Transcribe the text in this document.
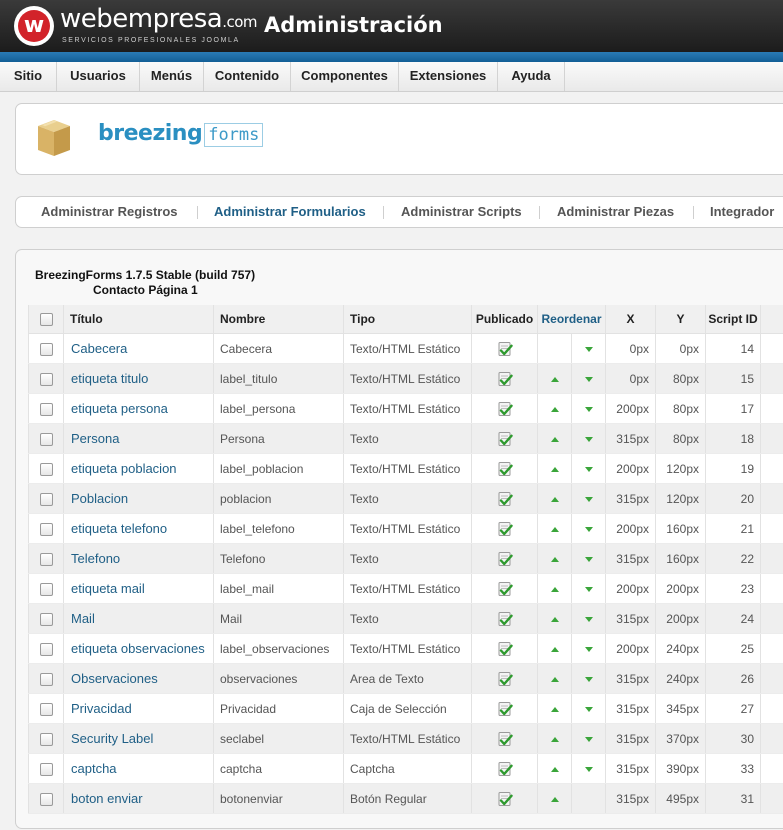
w webempresa.com
SERVICIOS PROFESIONALES JOOMLA
Administración
Sitio	Usuarios	Menús	Contenido	Componentes	Extensiones	Ayuda
breezing forms
Administrar Registros	Administrar Formularios	Administrar Scripts	Administrar Piezas	Integrador
BreezingForms 1.7.5 Stable (build 757)
Contacto Página 1
	Título	Nombre	Tipo	Publicado	Reordenar		X	Y	Script ID	
	Cabecera	Cabecera	Texto/HTML Estático				0px	0px	14	
	etiqueta titulo	label_titulo	Texto/HTML Estático				0px	80px	15	
	etiqueta persona	label_persona	Texto/HTML Estático				200px	80px	17	
	Persona	Persona	Texto				315px	80px	18	
	etiqueta poblacion	label_poblacion	Texto/HTML Estático				200px	120px	19	
	Poblacion	poblacion	Texto				315px	120px	20	
	etiqueta telefono	label_telefono	Texto/HTML Estático				200px	160px	21	
	Telefono	Telefono	Texto				315px	160px	22	
	etiqueta mail	label_mail	Texto/HTML Estático				200px	200px	23	
	Mail	Mail	Texto				315px	200px	24	
	etiqueta observaciones	label_observaciones	Texto/HTML Estático				200px	240px	25	
	Observaciones	observaciones	Area de Texto				315px	240px	26	
	Privacidad	Privacidad	Caja de Selección				315px	345px	27	
	Security Label	seclabel	Texto/HTML Estático				315px	370px	30	
	captcha	captcha	Captcha				315px	390px	33	
	boton enviar	botonenviar	Botón Regular				315px	495px	31	
